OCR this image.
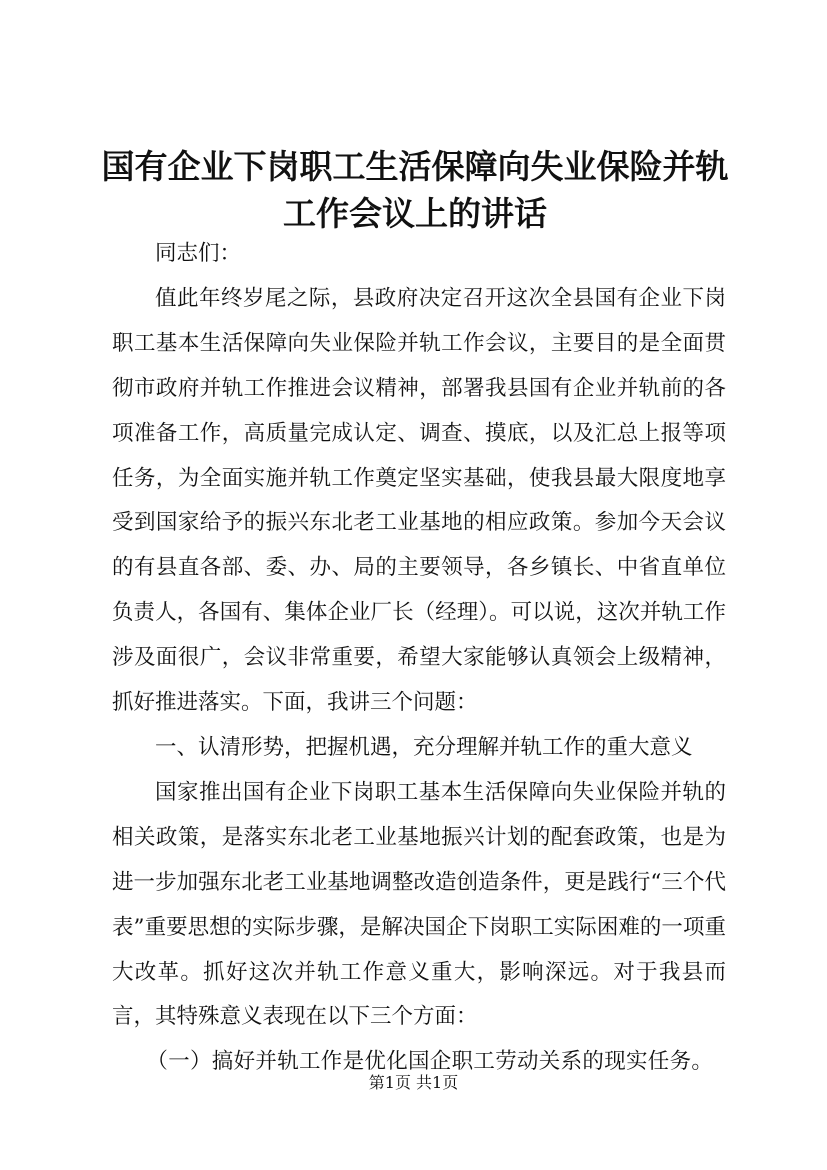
国有企业下岗职工生活保障向失业保险并轨工作会议上的讲话

同志们：

值此年终岁尾之际，县政府决定召开这次全县国有企业下岗职工基本生活保障向失业保险并轨工作会议，主要目的是全面贯彻市政府并轨工作推进会议精神，部署我县国有企业并轨前的各项准备工作，高质量完成认定、调查、摸底，以及汇总上报等项任务，为全面实施并轨工作奠定坚实基础，使我县最大限度地享受到国家给予的振兴东北老工业基地的相应政策。参加今天会议的有县直各部、委、办、局的主要领导，各乡镇长、中省直单位负责人，各国有、集体企业厂长（经理）。可以说，这次并轨工作涉及面很广，会议非常重要，希望大家能够认真领会上级精神，抓好推进落实。下面，我讲三个问题：

一、认清形势，把握机遇，充分理解并轨工作的重大意义

国家推出国有企业下岗职工基本生活保障向失业保险并轨的相关政策，是落实东北老工业基地振兴计划的配套政策，也是为进一步加强东北老工业基地调整改造创造条件，更是践行“三个代表”重要思想的实际步骤，是解决国企下岗职工实际困难的一项重大改革。抓好这次并轨工作意义重大，影响深远。对于我县而言，其特殊意义表现在以下三个方面：

（一）搞好并轨工作是优化国企职工劳动关系的现实任务。

第1页 共1页
